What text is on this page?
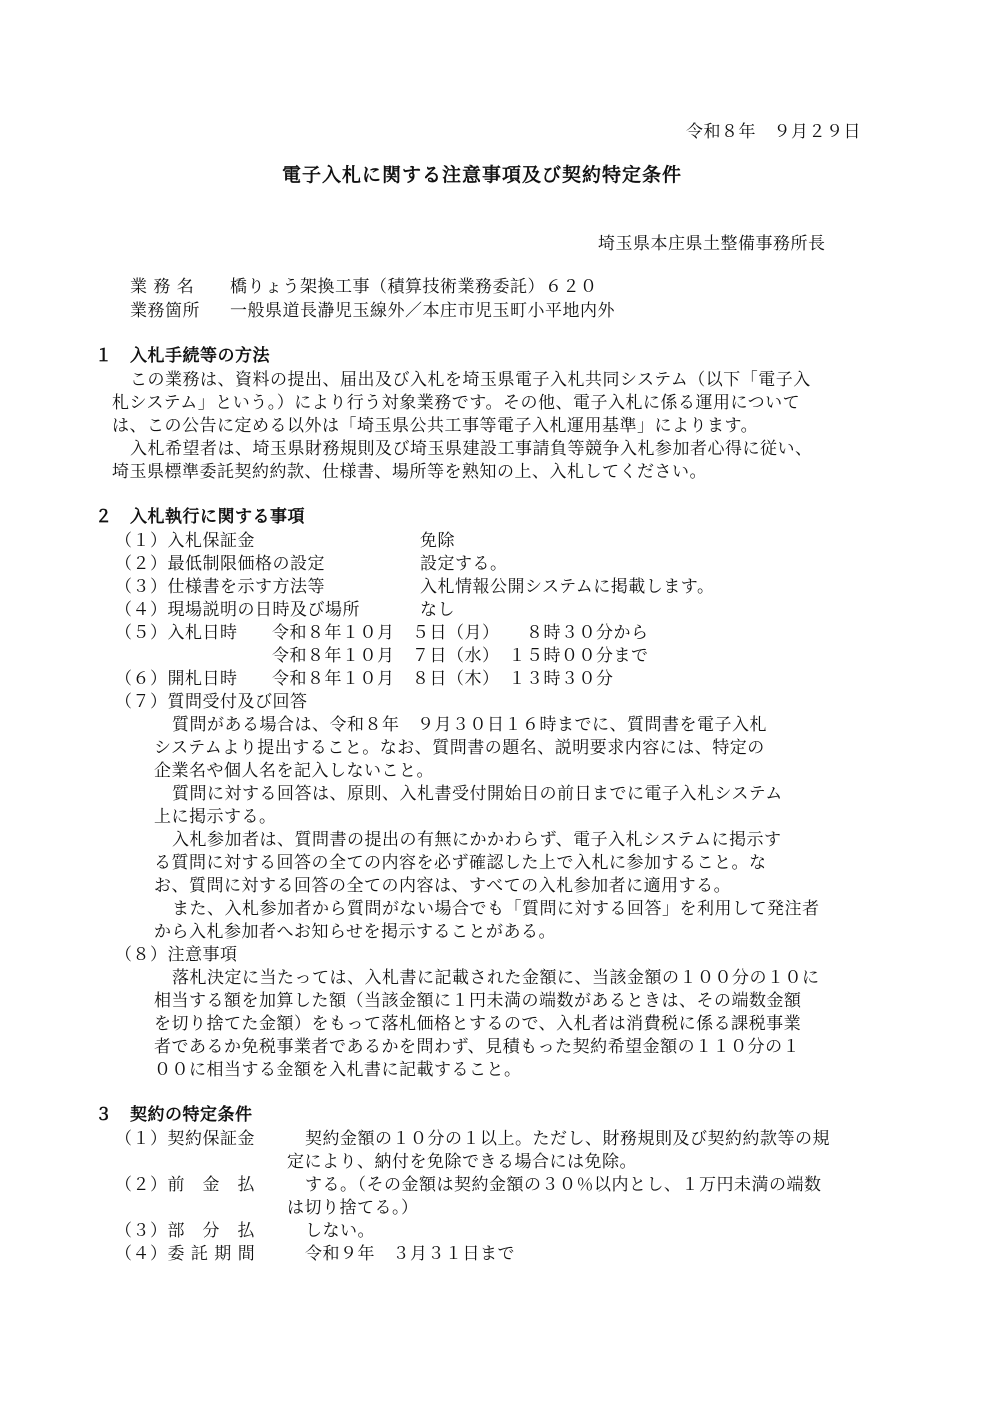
令和８年　９月２９日
電子入札に関する注意事項及び契約特定条件
埼玉県本庄県土整備事務所長
業 務 名 橋りょう架換工事（積算技術業務委託）６２０
業務箇所 一般県道長瀞児玉線外／本庄市児玉町小平地内外
１　入札手続等の方法
この業務は、資料の提出、届出及び入札を埼玉県電子入札共同システム（以下「電子入
札システム」という。）により行う対象業務です。その他、電子入札に係る運用について
は、この公告に定める以外は「埼玉県公共工事等電子入札運用基準」によります。
入札希望者は、埼玉県財務規則及び埼玉県建設工事請負等競争入札参加者心得に従い、
埼玉県標準委託契約約款、仕様書、場所等を熟知の上、入札してください。
２　入札執行に関する事項
（１）入札保証金	免除
（２）最低制限価格の設定	設定する。
（３）仕様書を示す方法等	入札情報公開システムに掲載します。
（４）現場説明の日時及び場所	なし
（５）入札日時 令和８年１０月　５日（月）　　８時３０分から
令和８年１０月　７日（水）　１５時００分まで
（６）開札日時 令和８年１０月　８日（木）　１３時３０分
（７）質問受付及び回答
質問がある場合は、令和８年　９月３０日１６時までに、質問書を電子入札
システムより提出すること。なお、質問書の題名、説明要求内容には、特定の
企業名や個人名を記入しないこと。
質問に対する回答は、原則、入札書受付開始日の前日までに電子入札システム
上に掲示する。
入札参加者は、質問書の提出の有無にかかわらず、電子入札システムに掲示す
る質問に対する回答の全ての内容を必ず確認した上で入札に参加すること。な
お、質問に対する回答の全ての内容は、すべての入札参加者に適用する。
また、入札参加者から質問がない場合でも「質問に対する回答」を利用して発注者
から入札参加者へお知らせを掲示することがある。
（８）注意事項
落札決定に当たっては、入札書に記載された金額に、当該金額の１００分の１０に
相当する額を加算した額（当該金額に１円未満の端数があるときは、その端数金額
を切り捨てた金額）をもって落札価格とするので、入札者は消費税に係る課税事業
者であるか免税事業者であるかを問わず、見積もった契約希望金額の１１０分の１
００に相当する金額を入札書に記載すること。
３　契約の特定条件
（１）契約保証金	契約金額の１０分の１以上。ただし、財務規則及び契約約款等の規
定により、納付を免除できる場合には免除。
（２）前　金　払	する。（その金額は契約金額の３０％以内とし、１万円未満の端数
は切り捨てる。）
（３）部　分　払	しない。
（４）委 託 期 間	令和９年　３月３１日まで
